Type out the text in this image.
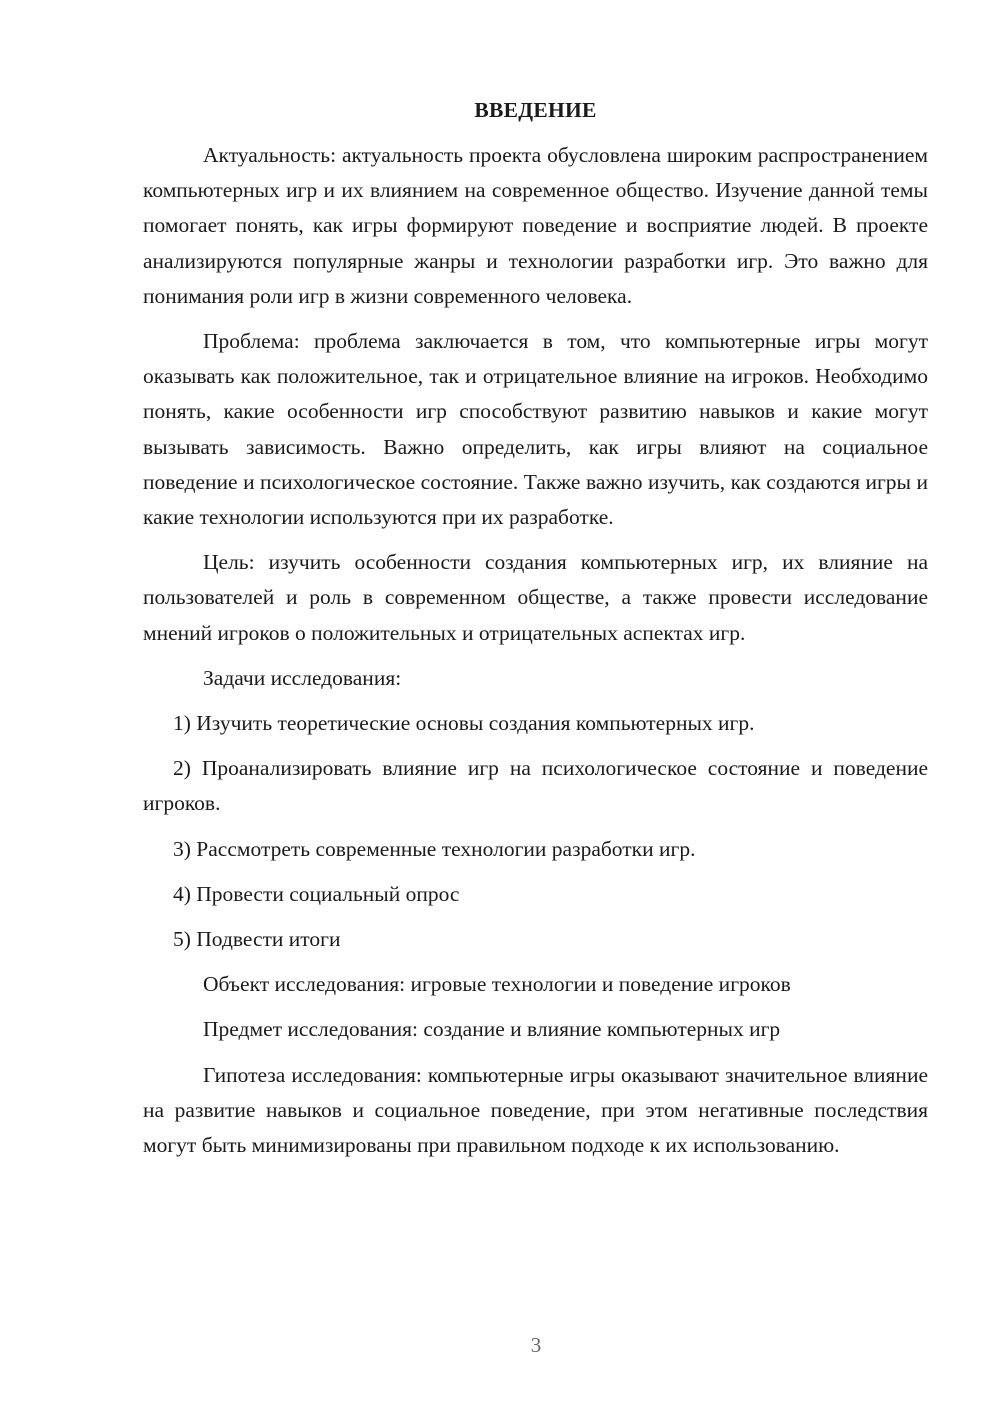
ВВЕДЕНИЕ

Актуальность: актуальность проекта обусловлена широким распространением компьютерных игр и их влиянием на современное общество. Изучение данной темы помогает понять, как игры формируют поведение и восприятие людей. В проекте анализируются популярные жанры и технологии разработки игр. Это важно для понимания роли игр в жизни современного человека.

Проблема: проблема заключается в том, что компьютерные игры могут оказывать как положительное, так и отрицательное влияние на игроков. Необходимо понять, какие особенности игр способствуют развитию навыков и какие могут вызывать зависимость. Важно определить, как игры влияют на социальное поведение и психологическое состояние. Также важно изучить, как создаются игры и какие технологии используются при их разработке.

Цель: изучить особенности создания компьютерных игр, их влияние на пользователей и роль в современном обществе, а также провести исследование мнений игроков о положительных и отрицательных аспектах игр.

Задачи исследования:

1) Изучить теоретические основы создания компьютерных игр.

2) Проанализировать влияние игр на психологическое состояние и поведение игроков.

3) Рассмотреть современные технологии разработки игр.

4) Провести социальный опрос

5) Подвести итоги

Объект исследования: игровые технологии и поведение игроков

Предмет исследования: создание и влияние компьютерных игр

Гипотеза исследования: компьютерные игры оказывают значительное влияние на развитие навыков и социальное поведение, при этом негативные последствия могут быть минимизированы при правильном подходе к их использованию.

3
